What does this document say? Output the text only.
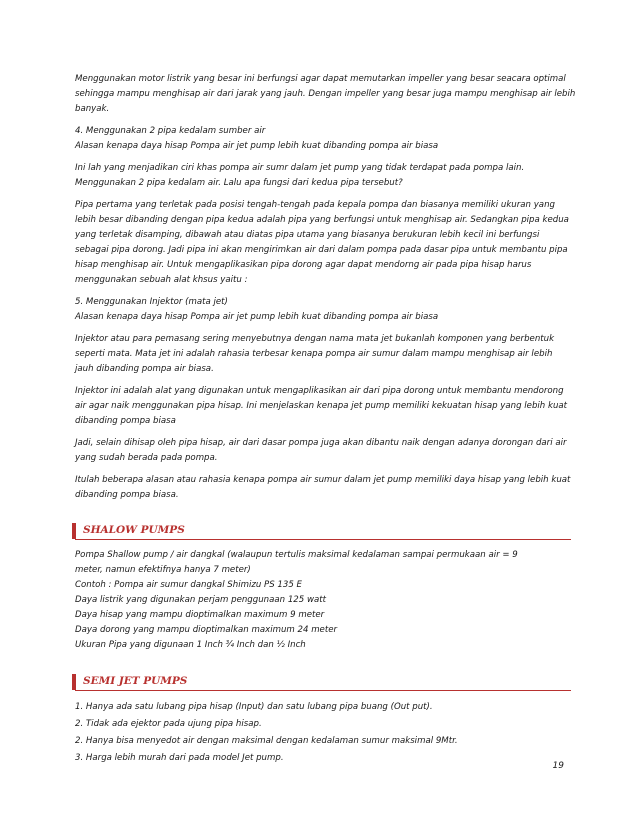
Menggunakan motor listrik yang besar ini berfungsi agar dapat memutarkan impeller yang besar seacara optimal
sehingga mampu menghisap air dari jarak yang jauh. Dengan impeller yang besar juga mampu menghisap air lebih
banyak.
4. Menggunakan 2 pipa kedalam sumber air
Alasan kenapa daya hisap Pompa air jet pump lebih kuat dibanding pompa air biasa
Ini lah yang menjadikan ciri khas pompa air sumr dalam jet pump yang tidak terdapat pada pompa lain.
Menggunakan 2 pipa kedalam air. Lalu apa fungsi dari kedua pipa tersebut?
Pipa pertama yang terletak pada posisi tengah-tengah pada kepala pompa dan biasanya memiliki ukuran yang
lebih besar dibanding dengan pipa kedua adalah pipa yang berfungsi untuk menghisap air. Sedangkan pipa kedua
yang terletak disamping, dibawah atau diatas pipa utama yang biasanya berukuran lebih kecil ini berfungsi
sebagai pipa dorong. Jadi pipa ini akan mengirimkan air dari dalam pompa pada dasar pipa untuk membantu pipa
hisap menghisap air. Untuk mengaplikasikan pipa dorong agar dapat mendorng air pada pipa hisap harus
menggunakan sebuah alat khsus yaitu :
5. Menggunakan Injektor (mata jet)
Alasan kenapa daya hisap Pompa air jet pump lebih kuat dibanding pompa air biasa
Injektor atau para pemasang sering menyebutnya dengan nama mata jet bukanlah komponen yang berbentuk
seperti mata. Mata jet ini adalah rahasia terbesar kenapa pompa air sumur dalam mampu menghisap air lebih
jauh dibanding pompa air biasa.
Injektor ini adalah alat yang digunakan untuk mengaplikasikan air dari pipa dorong untuk membantu mendorong
air agar naik menggunakan pipa hisap. Ini menjelaskan kenapa jet pump memiliki kekuatan hisap yang lebih kuat
dibanding pompa biasa
Jadi, selain dihisap oleh pipa hisap, air dari dasar pompa juga akan dibantu naik dengan adanya dorongan dari air
yang sudah berada pada pompa.
Itulah beberapa alasan atau rahasia kenapa pompa air sumur dalam jet pump memiliki daya hisap yang lebih kuat
dibanding pompa biasa.
SHALOW PUMPS
Pompa Shallow pump / air dangkal (walaupun tertulis maksimal kedalaman sampai permukaan air = 9
meter, namun efektifnya hanya 7 meter)
Contoh : Pompa air sumur dangkal Shimizu PS 135 E
Daya listrik yang digunakan perjam penggunaan 125 watt
Daya hisap yang mampu dioptimalkan maximum 9 meter
Daya dorong yang mampu dioptimalkan maximum 24 meter
Ukuran Pipa yang digunaan 1 Inch ¾ Inch dan ½ Inch
SEMI JET PUMPS
1. Hanya ada satu lubang pipa hisap (Input) dan satu lubang pipa buang (Out put).
2. Tidak ada ejektor pada ujung pipa hisap.
2. Hanya bisa menyedot air dengan maksimal dengan kedalaman sumur maksimal 9Mtr.
3. Harga lebih murah dari pada model Jet pump.
19
